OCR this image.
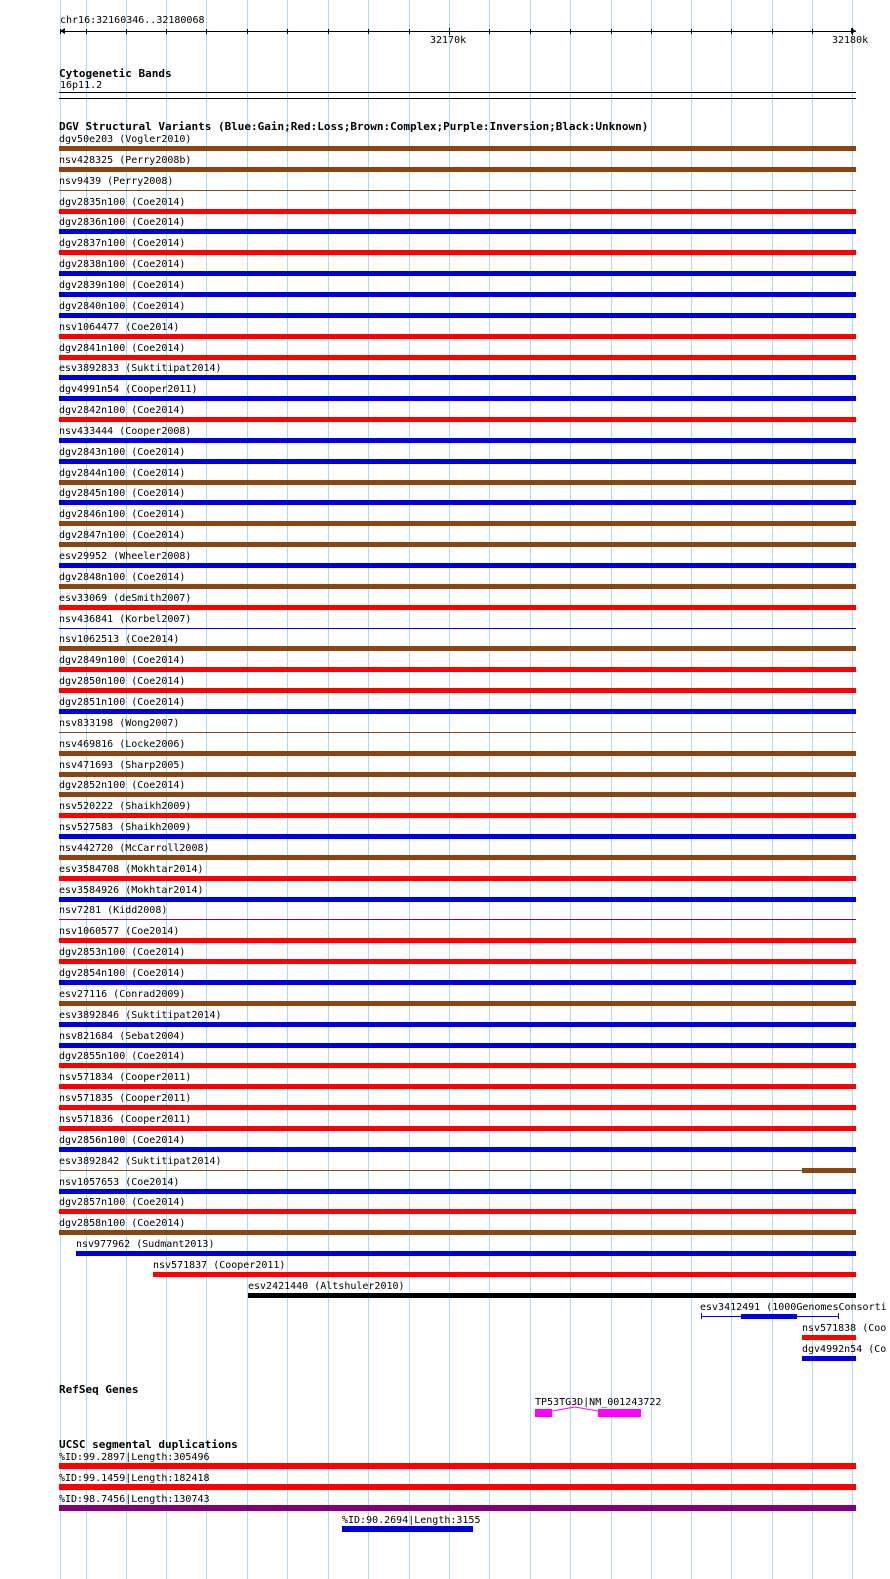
chr16:32160346..32180068
32170k	32180k
Cytogenetic Bands
16p11.2
DGV Structural Variants (Blue:Gain;Red:Loss;Brown:Complex;Purple:Inversion;Black:Unknown)
dgv50e203 (Vogler2010)
nsv428325 (Perry2008b)
nsv9439 (Perry2008)
dgv2835n100 (Coe2014)
dgv2836n100 (Coe2014)
dgv2837n100 (Coe2014)
dgv2838n100 (Coe2014)
dgv2839n100 (Coe2014)
dgv2840n100 (Coe2014)
nsv1064477 (Coe2014)
dgv2841n100 (Coe2014)
esv3892833 (Suktitipat2014)
dgv4991n54 (Cooper2011)
dgv2842n100 (Coe2014)
nsv433444 (Cooper2008)
dgv2843n100 (Coe2014)
dgv2844n100 (Coe2014)
dgv2845n100 (Coe2014)
dgv2846n100 (Coe2014)
dgv2847n100 (Coe2014)
esv29952 (Wheeler2008)
dgv2848n100 (Coe2014)
esv33069 (deSmith2007)
nsv436841 (Korbel2007)
nsv1062513 (Coe2014)
dgv2849n100 (Coe2014)
dgv2850n100 (Coe2014)
dgv2851n100 (Coe2014)
nsv833198 (Wong2007)
nsv469816 (Locke2006)
nsv471693 (Sharp2005)
dgv2852n100 (Coe2014)
nsv520222 (Shaikh2009)
nsv527583 (Shaikh2009)
nsv442720 (McCarroll2008)
esv3584708 (Mokhtar2014)
esv3584926 (Mokhtar2014)
nsv7281 (Kidd2008)
nsv1060577 (Coe2014)
dgv2853n100 (Coe2014)
dgv2854n100 (Coe2014)
esv27116 (Conrad2009)
esv3892846 (Suktitipat2014)
nsv821684 (Sebat2004)
dgv2855n100 (Coe2014)
nsv571834 (Cooper2011)
nsv571835 (Cooper2011)
nsv571836 (Cooper2011)
dgv2856n100 (Coe2014)
esv3892842 (Suktitipat2014)
nsv1057653 (Coe2014)
dgv2857n100 (Coe2014)
dgv2858n100 (Coe2014)
nsv977962 (Sudmant2013)
nsv571837 (Cooper2011)
esv2421440 (Altshuler2010)
esv3412491 (1000GenomesConsorti
nsv571838 (Coo
dgv4992n54 (Co
RefSeq Genes
TP53TG3D|NM_001243722
UCSC segmental duplications
%ID:99.2897|Length:305496
%ID:99.1459|Length:182418
%ID:98.7456|Length:130743
%ID:90.2694|Length:3155
